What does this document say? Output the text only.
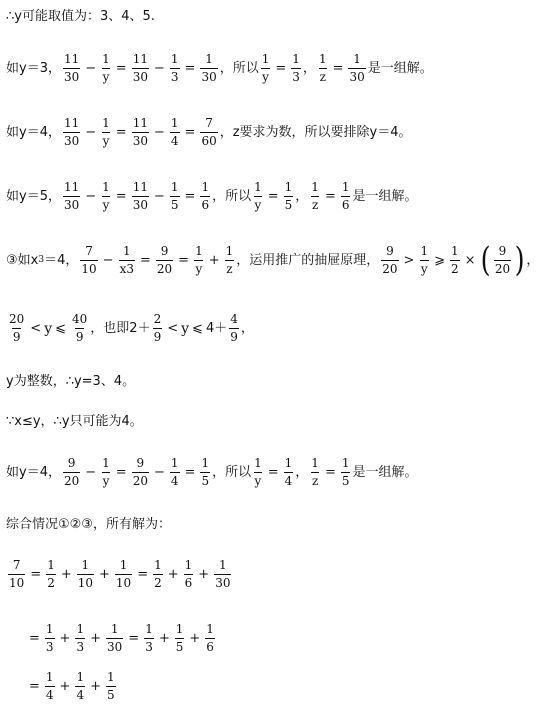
∴y可能取值为：3、4、5.
如y＝3， $\frac{11}{30} - \frac{1}{y} = \frac{11}{30} - \frac{1}{3} = \frac{1}{30}$ ，所以 $\frac{1}{y} = \frac{1}{3}$ ， $\frac{1}{z} = \frac{1}{30}$ 是一组解。
如y＝4， $\frac{11}{30} - \frac{1}{y} = \frac{11}{30} - \frac{1}{4} = \frac{7}{60}$ ，z要求为数，所以要排除y＝4。
如y＝5， $\frac{11}{30} - \frac{1}{y} = \frac{11}{30} - \frac{1}{5} = \frac{1}{6}$ ，所以 $\frac{1}{y} = \frac{1}{5}$ ， $\frac{1}{z} = \frac{1}{6}$ 是一组解。
③如x 3 ＝4， $\frac{7}{10} - \frac{1}{x3} = \frac{9}{20} = \frac{1}{y} + \frac{1}{z}$ ，运用推广的抽屉原理， $\frac{9}{20} > \frac{1}{y}$ ⩾ $\frac{1}{2}$ × ( $\frac{9}{20}$ ) ，
$\frac{20}{9} < y$ ⩽ $\frac{40}{9}$ ，也即$2+ \frac{2}{9} < y$ ⩽ $4+ \frac{4}{9}$ ，
y为整数，∴y=3、4。
∵x≤y，∴y只可能为4。
如y＝4， $\frac{9}{20} - \frac{1}{y} = \frac{9}{20} - \frac{1}{4} = \frac{1}{5}$ ，所以 $\frac{1}{y} = \frac{1}{4}$ ， $\frac{1}{z} = \frac{1}{5}$ 是一组解。
综合情况①②③，所有解为：
$\frac{7}{10} = \frac{1}{2} + \frac{1}{10} + \frac{1}{10} = \frac{1}{2} + \frac{1}{6} + \frac{1}{30}$
= $\frac{1}{3} + \frac{1}{3} + \frac{1}{30} = \frac{1}{3} + \frac{1}{5} + \frac{1}{6}$
= $\frac{1}{4} + \frac{1}{4} + \frac{1}{5}$
